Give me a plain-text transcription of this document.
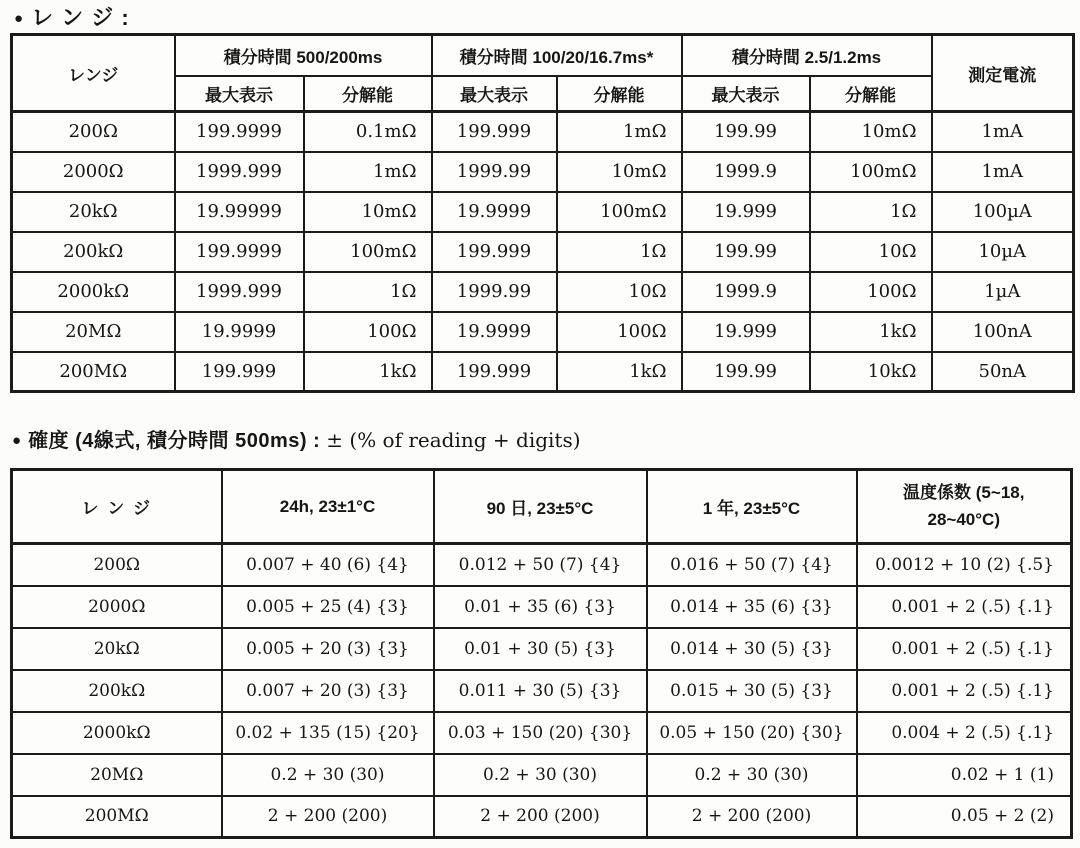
● レ ン ジ :
レンジ	積分時間 500/200ms		積分時間 100/20/16.7ms*		積分時間 2.5/1.2ms		測定電流
	最大表示	分解能	最大表示	分解能	最大表示	分解能	
200Ω	199.9999	0.1mΩ	199.999	1mΩ	199.99	10mΩ	1mA
2000Ω	1999.999	1mΩ	1999.99	10mΩ	1999.9	100mΩ	1mA
20kΩ	19.99999	10mΩ	19.9999	100mΩ	19.999	1Ω	100µA
200kΩ	199.9999	100mΩ	199.999	1Ω	199.99	10Ω	10µA
2000kΩ	1999.999	1Ω	1999.99	10Ω	1999.9	100Ω	1µA
20MΩ	19.9999	100Ω	19.9999	100Ω	19.999	1kΩ	100nA
200MΩ	199.999	1kΩ	199.999	1kΩ	199.99	10kΩ	50nA
● 確度 (4線式, 積分時間 500ms) : ± (% of reading + digits)
レ ン ジ	24h, 23±1°C	90 日, 23±5°C	1 年, 23±5°C	温度係数 (5~18,
28~40°C)

200Ω	0.007 + 40 (6) {4}	0.012 + 50 (7) {4}	0.016 + 50 (7) {4}	0.0012 + 10 (2) {.5}
2000Ω	0.005 + 25 (4) {3}	0.01 + 35 (6) {3}	0.014 + 35 (6) {3}	0.001 + 2 (.5) {.1}
20kΩ	0.005 + 20 (3) {3}	0.01 + 30 (5) {3}	0.014 + 30 (5) {3}	0.001 + 2 (.5) {.1}
200kΩ	0.007 + 20 (3) {3}	0.011 + 30 (5) {3}	0.015 + 30 (5) {3}	0.001 + 2 (.5) {.1}
2000kΩ	0.02 + 135 (15) {20}	0.03 + 150 (20) {30}	0.05 + 150 (20) {30}	0.004 + 2 (.5) {.1}
20MΩ	0.2 + 30 (30)	0.2 + 30 (30)	0.2 + 30 (30)	0.02 + 1 (1)
200MΩ	2 + 200 (200)	2 + 200 (200)	2 + 200 (200)	0.05 + 2 (2)
